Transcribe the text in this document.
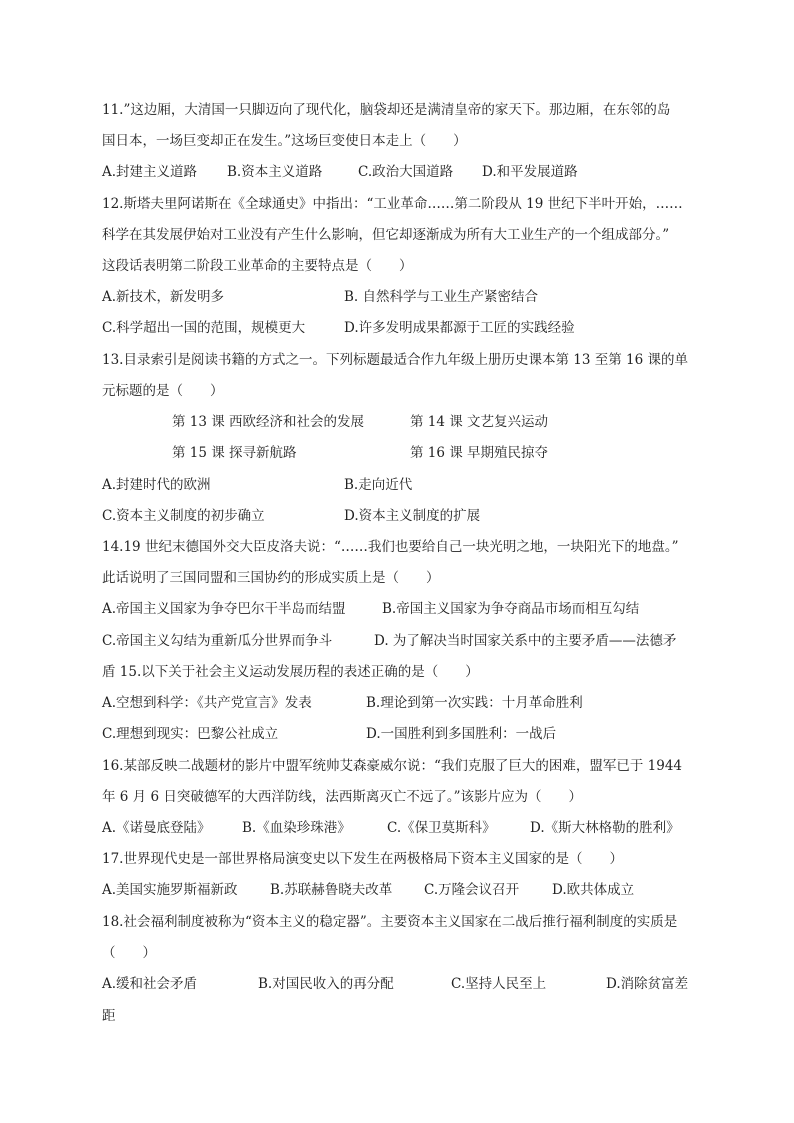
11.”这边厢，大清国一只脚迈向了现代化，脑袋却还是满清皇帝的家天下。那边厢，在东邻的岛
国日本，一场巨变却正在发生。”这场巨变使日本走上（　　）
A.封建主义道路 B.资本主义道路	C.政治大国道路 D.和平发展道路
12.斯塔夫里阿诺斯在《全球通史》中指出：“工业革命……第二阶段从 19 世纪下半叶开始，……
科学在其发展伊始对工业没有产生什么影响，但它却逐渐成为所有大工业生产的一个组成部分。”
这段话表明第二阶段工业革命的主要特点是（　　）
A.新技术，新发明多	B. 自然科学与工业生产紧密结合
C.科学超出一国的范围，规模更大	D.许多发明成果都源于工匠的实践经验
13.目录索引是阅读书籍的方式之一。下列标题最适合作九年级上册历史课本第 13 至第 16 课的单
元标题的是（　　）
第 13 课 西欧经济和社会的发展	第 14 课 文艺复兴运动
第 15 课 探寻新航路	第 16 课 早期殖民掠夺
A.封建时代的欧洲	B.走向近代
C.资本主义制度的初步确立	D.资本主义制度的扩展
14.19 世纪末德国外交大臣皮洛夫说：“……我们也要给自己一块光明之地，一块阳光下的地盘。”
此话说明了三国同盟和三国协约的形成实质上是（　　）
A.帝国主义国家为争夺巴尔干半岛而结盟	B.帝国主义国家为争夺商品市场而相互勾结
C.帝国主义勾结为重新瓜分世界而争斗	D. 为了解决当时国家关系中的主要矛盾——法德矛
盾 15.以下关于社会主义运动发展历程的表述正确的是（　　）
A.空想到科学：《共产党宣言》发表	B.理论到第一次实践：十月革命胜利
C.理想到现实：巴黎公社成立	D.一国胜利到多国胜利：一战后
16.某部反映二战题材的影片中盟军统帅艾森豪威尔说：“我们克服了巨大的困难，盟军已于 1944
年 6 月 6 日突破德军的大西洋防线，法西斯离灭亡不远了。”该影片应为（　　）
A.《诺曼底登陆》 B.《血染珍珠港》	C.《保卫莫斯科》	D.《斯大林格勒的胜利》
17.世界现代史是一部世界格局演变史以下发生在两极格局下资本主义国家的是（　　）
A.美国实施罗斯福新政 B.苏联赫鲁晓夫改革 C.万隆会议召开 D.欧共体成立
18.社会福利制度被称为“资本主义的稳定器”。主要资本主义国家在二战后推行福利制度的实质是
（　　）
A.缓和社会矛盾	B.对国民收入的再分配	C.坚持人民至上	D.消除贫富差
距
